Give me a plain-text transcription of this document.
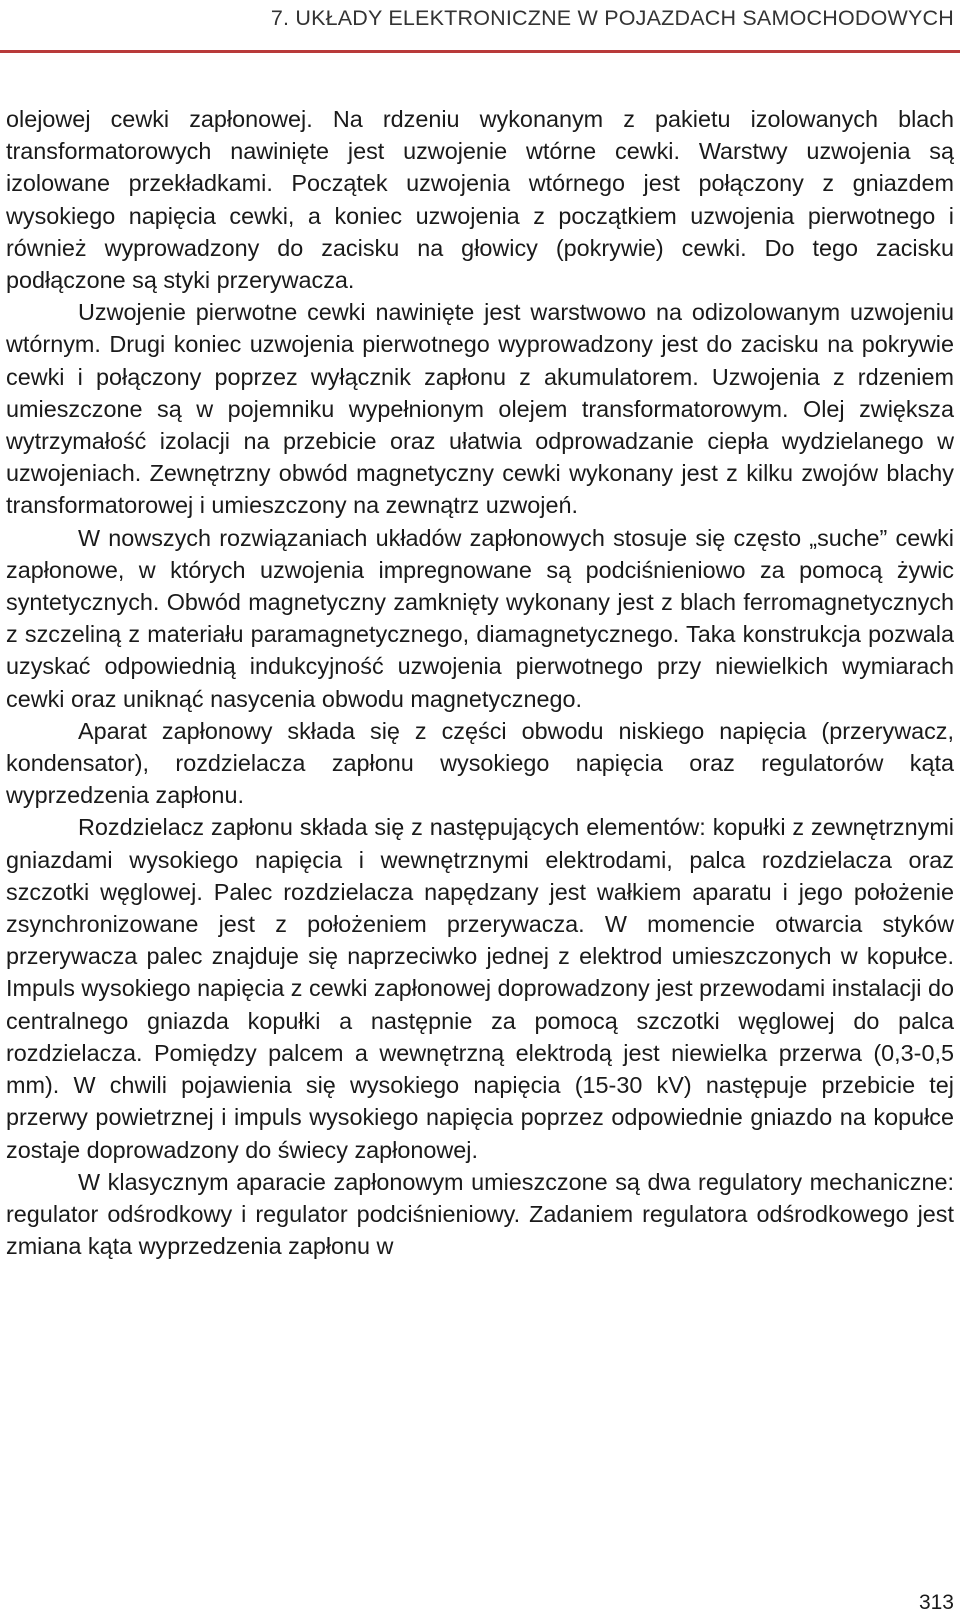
7. UKŁADY ELEKTRONICZNE W POJAZDACH SAMOCHODOWYCH

olejowej cewki zapłonowej. Na rdzeniu wykonanym z pakietu izolowanych blach transformatorowych nawinięte jest uzwojenie wtórne cewki. Warstwy uzwojenia są izolowane przekładkami. Początek uzwojenia wtórnego jest połączony z gniazdem wysokiego napięcia cewki, a koniec uzwojenia z początkiem uzwojenia pierwotnego i również wyprowadzony do zacisku na głowicy (pokrywie) cewki. Do tego zacisku podłączone są styki przerywacza.

Uzwojenie pierwotne cewki nawinięte jest warstwowo na odizolowanym uzwojeniu wtórnym. Drugi koniec uzwojenia pierwotnego wyprowadzony jest do zacisku na pokrywie cewki i połączony poprzez wyłącznik zapłonu z akumulatorem. Uzwojenia z rdzeniem umieszczone są w pojemniku wypełnionym olejem transformatorowym. Olej zwiększa wytrzymałość izolacji na przebicie oraz ułatwia odprowadzanie ciepła wydzielanego w uzwojeniach. Zewnętrzny obwód magnetyczny cewki wykonany jest z kilku zwojów blachy transformatorowej i umieszczony na zewnątrz uzwojeń.

W nowszych rozwiązaniach układów zapłonowych stosuje się często „suche” cewki zapłonowe, w których uzwojenia impregnowane są podciśnieniowo za pomocą żywic syntetycznych. Obwód magnetyczny zamknięty wykonany jest z blach ferromagnetycznych z szczeliną z materiału paramagnetycznego, diamagnetycznego. Taka konstrukcja pozwala uzyskać odpowiednią indukcyjność uzwojenia pierwotnego przy niewielkich wymiarach cewki oraz uniknąć nasycenia obwodu magnetycznego.

Aparat zapłonowy składa się z części obwodu niskiego napięcia (przerywacz, kondensator), rozdzielacza zapłonu wysokiego napięcia oraz regulatorów kąta wyprzedzenia zapłonu.

Rozdzielacz zapłonu składa się z następujących elementów: kopułki z zewnętrznymi gniazdami wysokiego napięcia i wewnętrznymi elektrodami, palca rozdzielacza oraz szczotki węglowej. Palec rozdzielacza napędzany jest wałkiem aparatu i jego położenie zsynchronizowane jest z położeniem przerywacza. W momencie otwarcia styków przerywacza palec znajduje się naprzeciwko jednej z elektrod umieszczonych w kopułce. Impuls wysokiego napięcia z cewki zapłonowej doprowadzony jest przewodami instalacji do centralnego gniazda kopułki a następnie za pomocą szczotki węglowej do palca rozdzielacza. Pomiędzy palcem a wewnętrzną elektrodą jest niewielka przerwa (0,3-0,5 mm). W chwili pojawienia się wysokiego napięcia (15-30 kV) następuje przebicie tej przerwy powietrznej i impuls wysokiego napięcia poprzez odpowiednie gniazdo na kopułce zostaje doprowadzony do świecy zapłonowej.

W klasycznym aparacie zapłonowym umieszczone są dwa regulatory mechaniczne: regulator odśrodkowy i regulator podciśnieniowy. Zadaniem regulatora odśrodkowego jest zmiana kąta wyprzedzenia zapłonu w

313
